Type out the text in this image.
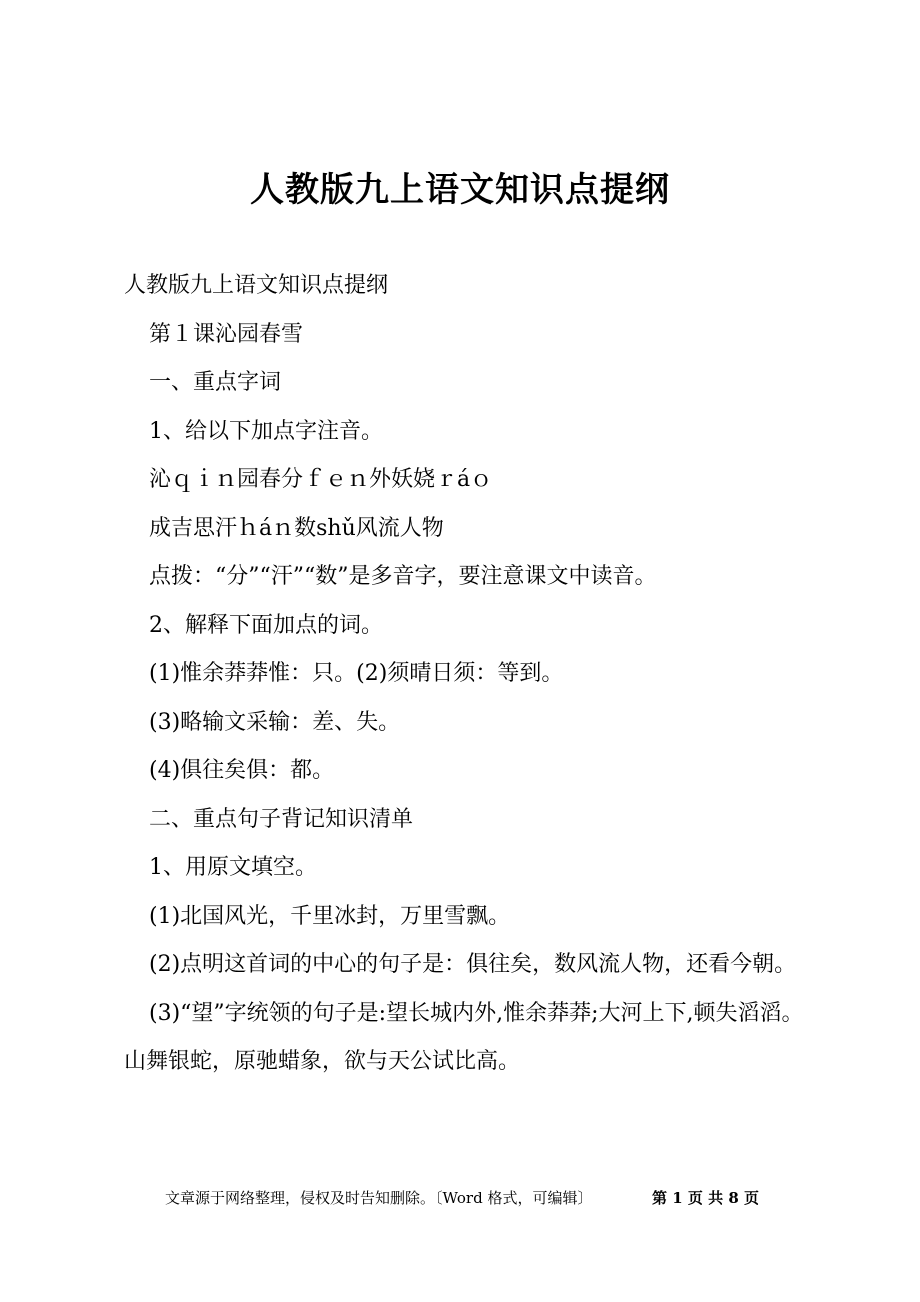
人教版九上语文知识点提纲

人教版九上语文知识点提纲

第１课沁园春雪

一、重点字词

1、给以下加点字注音。

沁ｑｉｎ园春分ｆｅｎ外妖娆ｒáｏ

成吉思汗ｈáｎ数shǔ风流人物

点拨：“分”“汗”“数”是多音字，要注意课文中读音。

2、解释下面加点的词。

(1)惟余莽莽惟：只。(2)须晴日须：等到。

(3)略输文采输：差、失。

(4)俱往矣俱：都。

二、重点句子背记知识清单

1、用原文填空。

(1)北国风光，千里冰封，万里雪飘。

(2)点明这首词的中心的句子是：俱往矣，数风流人物，还看今朝。

(3)“望”字统领的句子是:望长城内外,惟余莽莽;大河上下,顿失滔滔。山舞银蛇，原驰蜡象，欲与天公试比高。

文章源于网络整理，侵权及时告知删除。〔Word 格式，可编辑〕	第 1 页 共 8 页
